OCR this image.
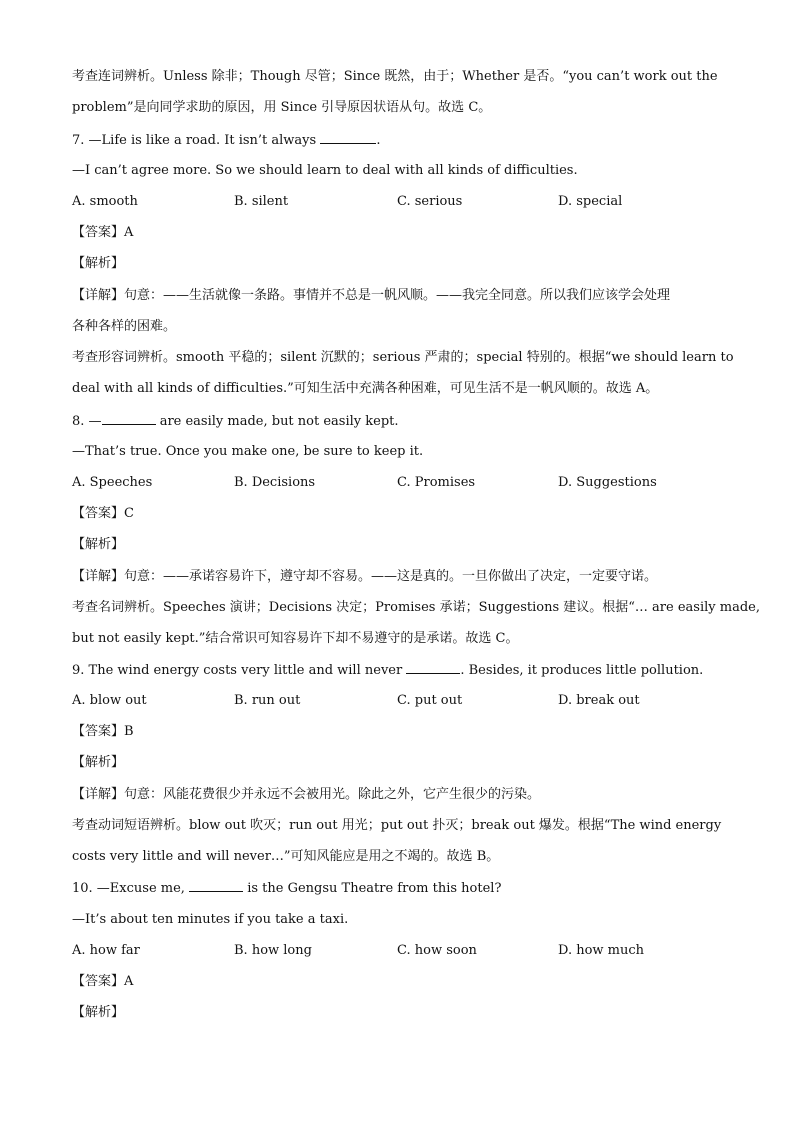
考查连词辨析。Unless 除非；Though 尽管；Since 既然，由于；Whether 是否。“you can’t work out the
problem”是向同学求助的原因，用 Since 引导原因状语从句。故选 C。
7. —Life is like a road. It isn’t always	.
—I can’t agree more. So we should learn to deal with all kinds of difficulties.
A. smooth	B. silent	C. serious	D. special
【答案】A
【解析】
【详解】句意：——生活就像一条路。事情并不总是一帆风顺。——我完全同意。所以我们应该学会处理
各种各样的困难。
考查形容词辨析。smooth 平稳的；silent 沉默的；serious 严肃的；special 特别的。根据“we should learn to
deal with all kinds of difficulties.”可知生活中充满各种困难，可见生活不是一帆风顺的。故选 A。
8. —	are easily made, but not easily kept.
—That’s true. Once you make one, be sure to keep it.
A. Speeches	B. Decisions	C. Promises	D. Suggestions
【答案】C
【解析】
【详解】句意：——承诺容易许下，遵守却不容易。——这是真的。一旦你做出了决定，一定要守诺。
考查名词辨析。Speeches 演讲；Decisions 决定；Promises 承诺；Suggestions 建议。根据“… are easily made,
but not easily kept.”结合常识可知容易许下却不易遵守的是承诺。故选 C。
9. The wind energy costs very little and will never	. Besides, it produces little pollution.
A. blow out	B. run out	C. put out	D. break out
【答案】B
【解析】
【详解】句意：风能花费很少并永远不会被用光。除此之外，它产生很少的污染。
考查动词短语辨析。blow out 吹灭；run out 用光；put out 扑灭；break out 爆发。根据“The wind energy
costs very little and will never…”可知风能应是用之不竭的。故选 B。
10. —Excuse me,	is the Gengsu Theatre from this hotel?
—It’s about ten minutes if you take a taxi.
A. how far	B. how long	C. how soon	D. how much
【答案】A
【解析】
